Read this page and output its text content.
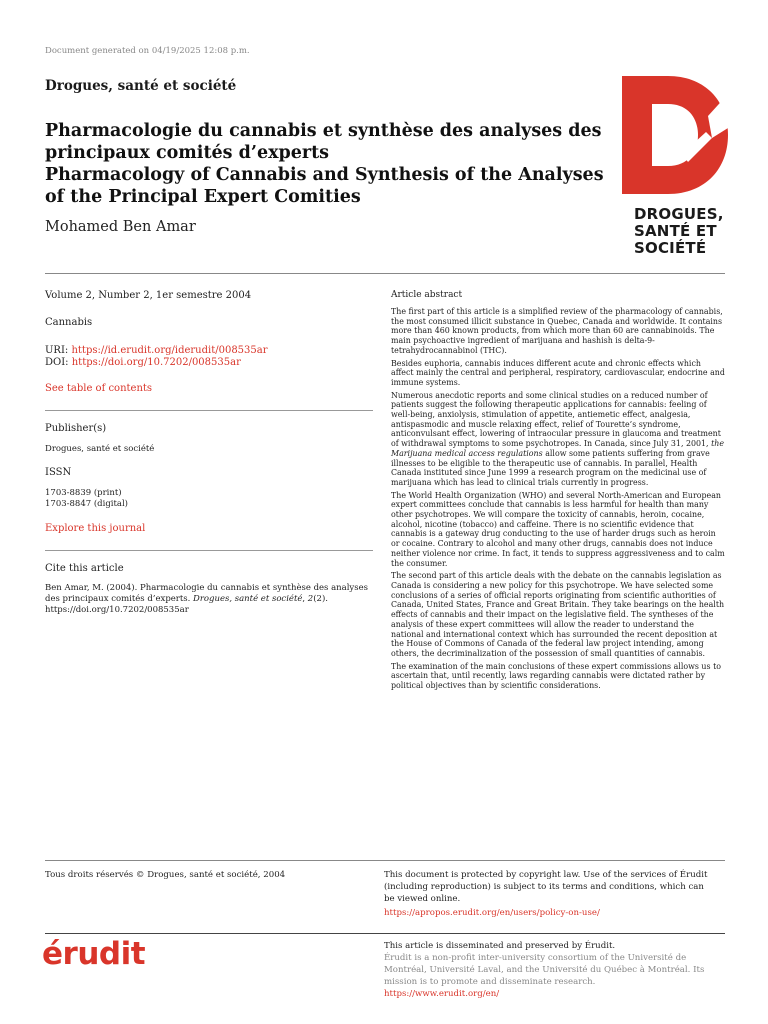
Document generated on 04/19/2025 12:08 p.m.
Drogues, santé et société
Pharmacologie du cannabis et synthèse des analyses des principaux comités d’experts
Pharmacology of Cannabis and Synthesis of the Analyses of the Principal Expert Comities
Mohamed Ben Amar
DROGUES,
SANTÉ ET
SOCIÉTÉ
Volume 2, Number 2, 1er semestre 2004
Cannabis
URI: https://id.erudit.org/iderudit/008535ar
DOI: https://doi.org/10.7202/008535ar
See table of contents
Publisher(s)
Drogues, santé et société
ISSN
1703-8839 (print)
1703-8847 (digital)
Explore this journal
Cite this article
Ben Amar, M. (2004). Pharmacologie du cannabis et synthèse des analyses des principaux comités d’experts. Drogues, santé et société, 2(2).
https://doi.org/10.7202/008535ar
Article abstract

The first part of this article is a simplified review of the pharmacology of cannabis, the most consumed illicit substance in Quebec, Canada and worldwide. It contains more than 460 known products, from which more than 60 are cannabinoids. The main psychoactive ingredient of marijuana and hashish is delta-9-tetrahydrocannabinol (THC).

Besides euphoria, cannabis induces different acute and chronic effects which affect mainly the central and peripheral, respiratory, cardiovascular, endocrine and immune systems.

Numerous anecdotic reports and some clinical studies on a reduced number of patients suggest the following therapeutic applications for cannabis: feeling of well-being, anxiolysis, stimulation of appetite, antiemetic effect, analgesia, antispasmodic and muscle relaxing effect, relief of Tourette’s syndrome, anticonvulsant effect, lowering of intraocular pressure in glaucoma and treatment of withdrawal symptoms to some psychotropes. In Canada, since July 31, 2001, the Marijuana medical access regulations allow some patients suffering from grave illnesses to be eligible to the therapeutic use of cannabis. In parallel, Health Canada instituted since June 1999 a research program on the medicinal use of marijuana which has lead to clinical trials currently in progress.

The World Health Organization (WHO) and several North-American and European expert committees conclude that cannabis is less harmful for health than many other psychotropes. We will compare the toxicity of cannabis, heroin, cocaine, alcohol, nicotine (tobacco) and caffeine. There is no scientific evidence that cannabis is a gateway drug conducting to the use of harder drugs such as heroin or cocaine. Contrary to alcohol and many other drugs, cannabis does not induce neither violence nor crime. In fact, it tends to suppress aggressiveness and to calm the consumer.

The second part of this article deals with the debate on the cannabis legislation as Canada is considering a new policy for this psychotrope. We have selected some conclusions of a series of official reports originating from scientific authorities of Canada, United States, France and Great Britain. They take bearings on the health effects of cannabis and their impact on the legislative field. The syntheses of the analysis of these expert committees will allow the reader to understand the national and international context which has surrounded the recent deposition at the House of Commons of Canada of the federal law project intending, among others, the decriminalization of the possession of small quantities of cannabis.

The examination of the main conclusions of these expert commissions allows us to ascertain that, until recently, laws regarding cannabis were dictated rather by political objectives than by scientific considerations.

Tous droits réservés © Drogues, santé et société, 2004	This document is protected by copyright law. Use of the services of Érudit (including reproduction) is subject to its terms and conditions, which can be viewed online.
https://apropos.erudit.org/en/users/policy-on-use/
érudit	This article is disseminated and preserved by Érudit.
Érudit is a non-profit inter-university consortium of the Université de Montréal, Université Laval, and the Université du Québec à Montréal. Its mission is to promote and disseminate research.
https://www.erudit.org/en/
